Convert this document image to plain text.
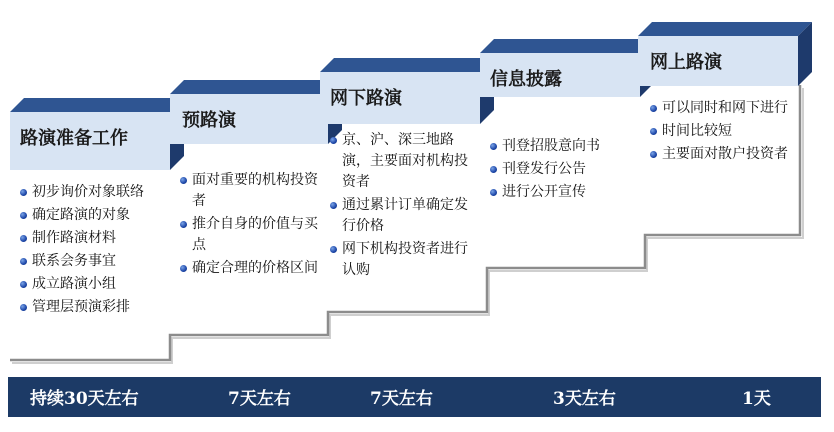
路演准备工作
预路演
网下路演
信息披露
网上路演
初步询价对象联络
确定路演的对象
制作路演材料
联系会务事宜
成立路演小组
管理层预演彩排
面对重要的机构投资者
推介自身的价值与买点
确定合理的价格区间
京、沪、深三地路演，主要面对机构投资者
通过累计订单确定发行价格
网下机构投资者进行认购
刊登招股意向书
刊登发行公告
进行公开宣传
可以同时和网下进行
时间比较短
主要面对散户投资者
持续30天左右	7天左右	7天左右	3天左右	1天
